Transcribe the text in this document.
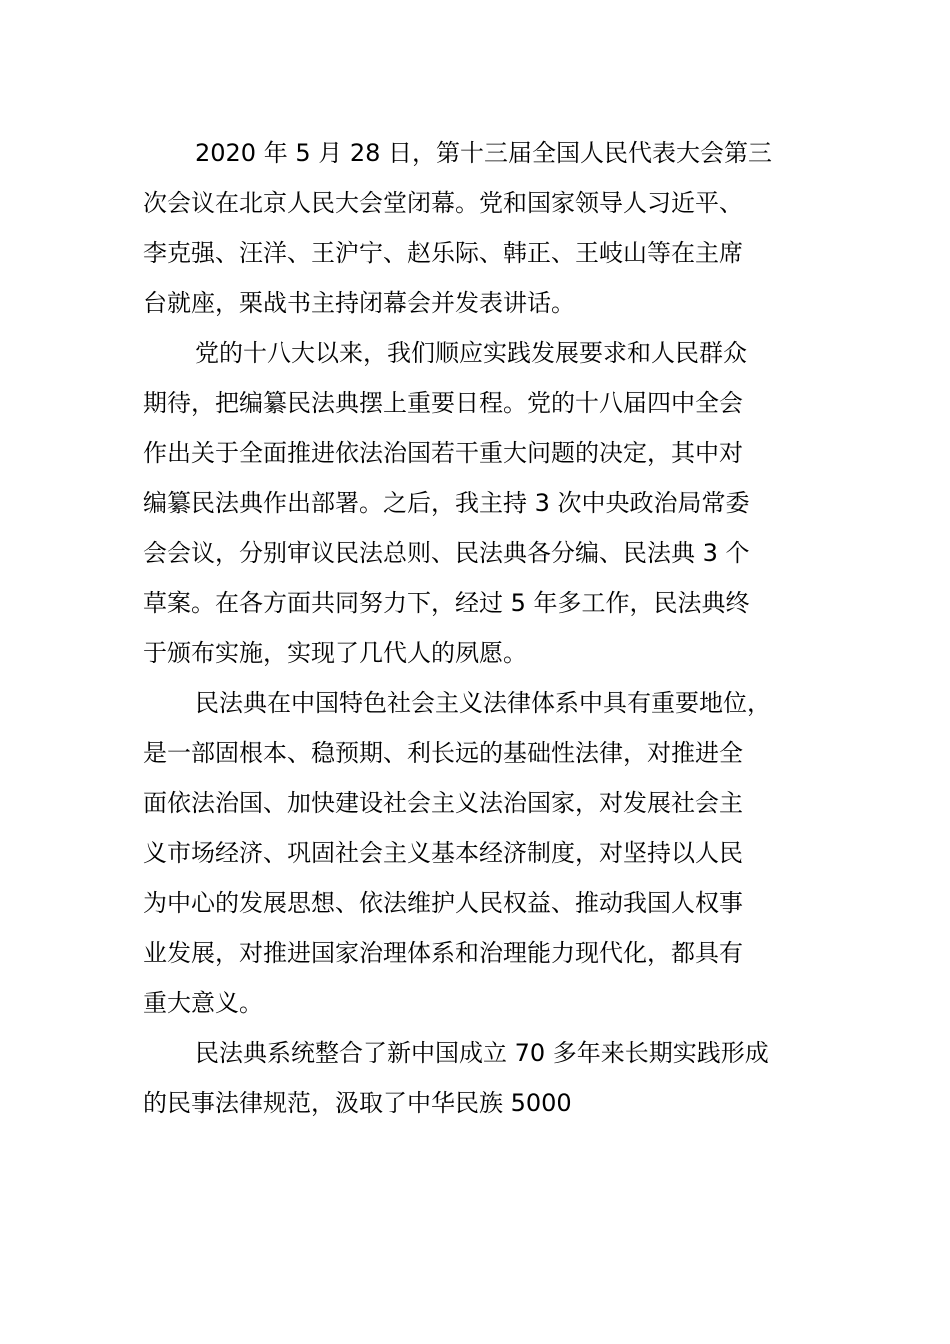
2020 年 5 月 28 日，第十三届全国人民代表大会第三
次会议在北京人民大会堂闭幕。党和国家领导人习近平、
李克强、汪洋、王沪宁、赵乐际、韩正、王岐山等在主席
台就座，栗战书主持闭幕会并发表讲话。
党的十八大以来，我们顺应实践发展要求和人民群众
期待，把编纂民法典摆上重要日程。党的十八届四中全会
作出关于全面推进依法治国若干重大问题的决定，其中对
编纂民法典作出部署。之后，我主持 3 次中央政治局常委
会会议，分别审议民法总则、民法典各分编、民法典 3 个
草案。在各方面共同努力下，经过 5 年多工作，民法典终
于颁布实施，实现了几代人的夙愿。
民法典在中国特色社会主义法律体系中具有重要地位，
是一部固根本、稳预期、利长远的基础性法律，对推进全
面依法治国、加快建设社会主义法治国家，对发展社会主
义市场经济、巩固社会主义基本经济制度，对坚持以人民
为中心的发展思想、依法维护人民权益、推动我国人权事
业发展，对推进国家治理体系和治理能力现代化，都具有
重大意义。
民法典系统整合了新中国成立 70 多年来长期实践形成
的民事法律规范，汲取了中华民族 5000
